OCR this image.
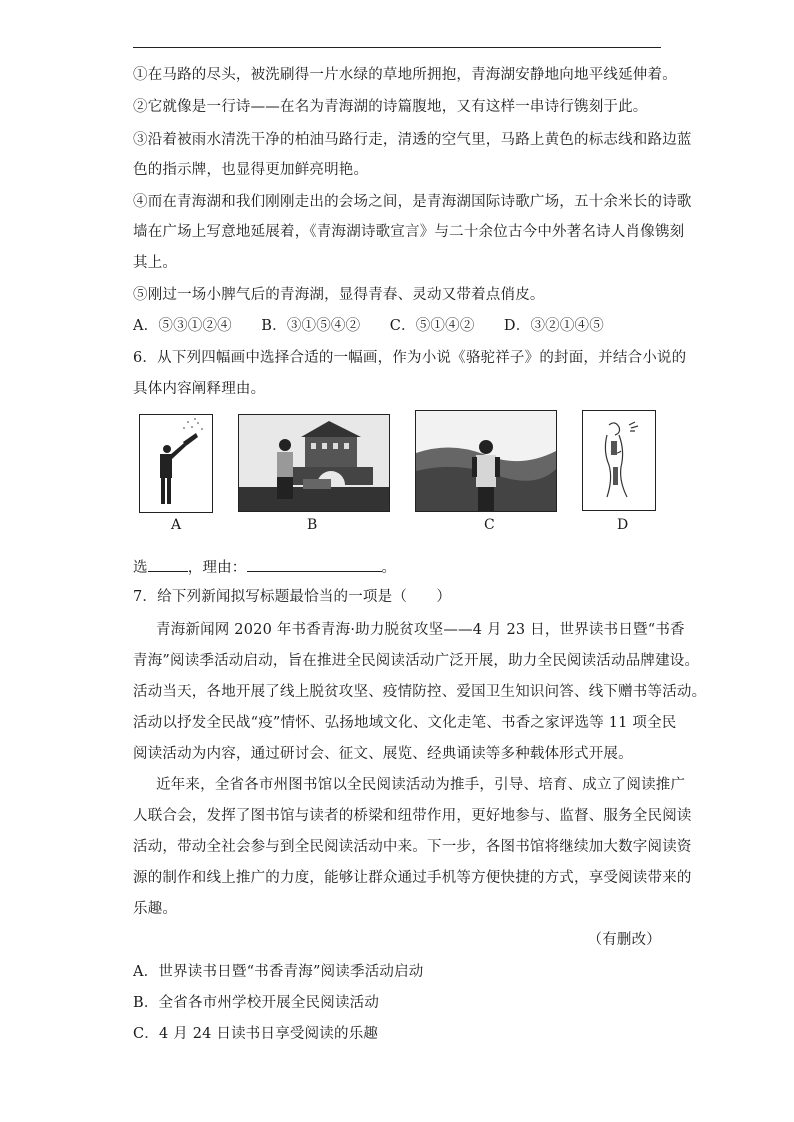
①在马路的尽头，被洗刷得一片水绿的草地所拥抱，青海湖安静地向地平线延伸着。
②它就像是一行诗——在名为青海湖的诗篇腹地，又有这样一串诗行镌刻于此。
③沿着被雨水清洗干净的柏油马路行走，清透的空气里，马路上黄色的标志线和路边蓝
色的指示牌，也显得更加鲜亮明艳。
④而在青海湖和我们刚刚走出的会场之间，是青海湖国际诗歌广场，五十余米长的诗歌
墙在广场上写意地延展着，《青海湖诗歌宣言》与二十余位古今中外著名诗人肖像镌刻
其上。
⑤刚过一场小脾气后的青海湖，显得青春、灵动又带着点俏皮。
A．⑤③①②④　　B．③①⑤④②　　C．⑤①④②　　D．③②①④⑤
6．从下列四幅画中选择合适的一幅画，作为小说《骆驼祥子》的封面，并结合小说的
具体内容阐释理由。
A	B	C	D
选	，理由：	。
7．给下列新闻拟写标题最恰当的一项是（　　）
青海新闻网 2020 年书香青海·助力脱贫攻坚——4 月 23 日，世界读书日暨“书香
青海”阅读季活动启动，旨在推进全民阅读活动广泛开展，助力全民阅读活动品牌建设。
活动当天，各地开展了线上脱贫攻坚、疫情防控、爱国卫生知识问答、线下赠书等活动。
活动以抒发全民战“疫”情怀、弘扬地域文化、文化走笔、书香之家评选等 11 项全民
阅读活动为内容，通过研讨会、征文、展览、经典诵读等多种载体形式开展。
近年来，全省各市州图书馆以全民阅读活动为推手，引导、培育、成立了阅读推广
人联合会，发挥了图书馆与读者的桥梁和纽带作用，更好地参与、监督、服务全民阅读
活动，带动全社会参与到全民阅读活动中来。下一步，各图书馆将继续加大数字阅读资
源的制作和线上推广的力度，能够让群众通过手机等方便快捷的方式，享受阅读带来的
乐趣。
（有删改）
A．世界读书日暨“书香青海”阅读季活动启动
B．全省各市州学校开展全民阅读活动
C．4 月 24 日读书日享受阅读的乐趣
